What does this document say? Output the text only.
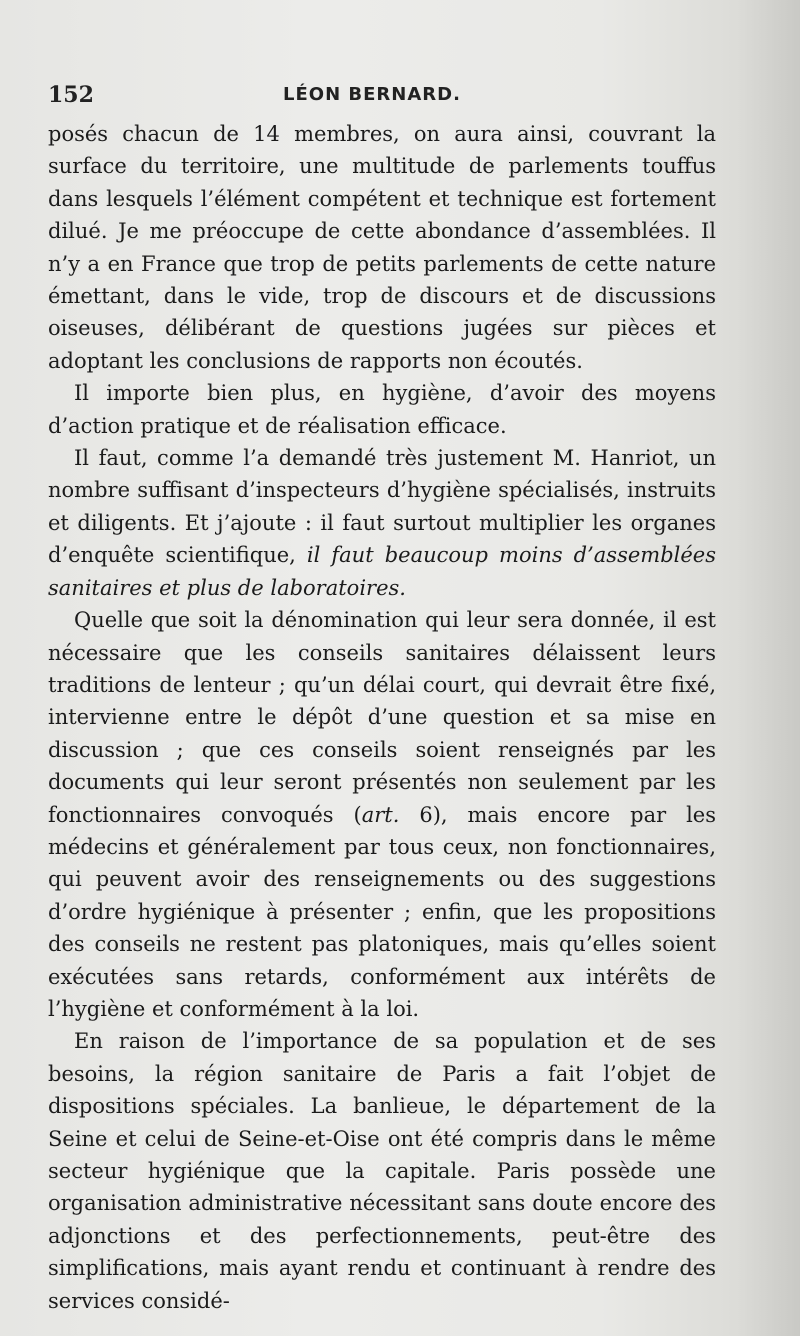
152	LÉON BERNARD.

posés chacun de 14 membres, on aura ainsi, couvrant la surface du territoire, une multitude de parlements touffus dans lesquels l’élément compétent et technique est fortement dilué. Je me préoccupe de cette abondance d’assemblées. Il n’y a en France que trop de petits parlements de cette nature émettant, dans le vide, trop de discours et de discussions oiseuses, délibérant de questions jugées sur pièces et adoptant les conclusions de rapports non écoutés.

Il importe bien plus, en hygiène, d’avoir des moyens d’action pratique et de réalisation efficace.

Il faut, comme l’a demandé très justement M. Hanriot, un nombre suffisant d’inspecteurs d’hygiène spécialisés, instruits et diligents. Et j’ajoute : il faut surtout multiplier les organes d’enquête scientifique, il faut beaucoup moins d’assemblées sanitaires et plus de laboratoires.

Quelle que soit la dénomination qui leur sera donnée, il est nécessaire que les conseils sanitaires délaissent leurs traditions de lenteur ; qu’un délai court, qui devrait être fixé, intervienne entre le dépôt d’une question et sa mise en discussion ; que ces conseils soient renseignés par les documents qui leur seront présentés non seulement par les fonctionnaires convoqués (art. 6), mais encore par les médecins et généralement par tous ceux, non fonctionnaires, qui peuvent avoir des renseignements ou des suggestions d’ordre hygiénique à présenter ; enfin, que les propositions des conseils ne restent pas platoniques, mais qu’elles soient exécutées sans retards, conformément aux intérêts de l’hygiène et conformément à la loi.

En raison de l’importance de sa population et de ses besoins, la région sanitaire de Paris a fait l’objet de dispositions spéciales. La banlieue, le département de la Seine et celui de Seine-et-Oise ont été compris dans le même secteur hygiénique que la capitale. Paris possède une organisation administrative nécessitant sans doute encore des adjonctions et des perfectionnements, peut-être des simplifications, mais ayant rendu et continuant à rendre des services considé-
